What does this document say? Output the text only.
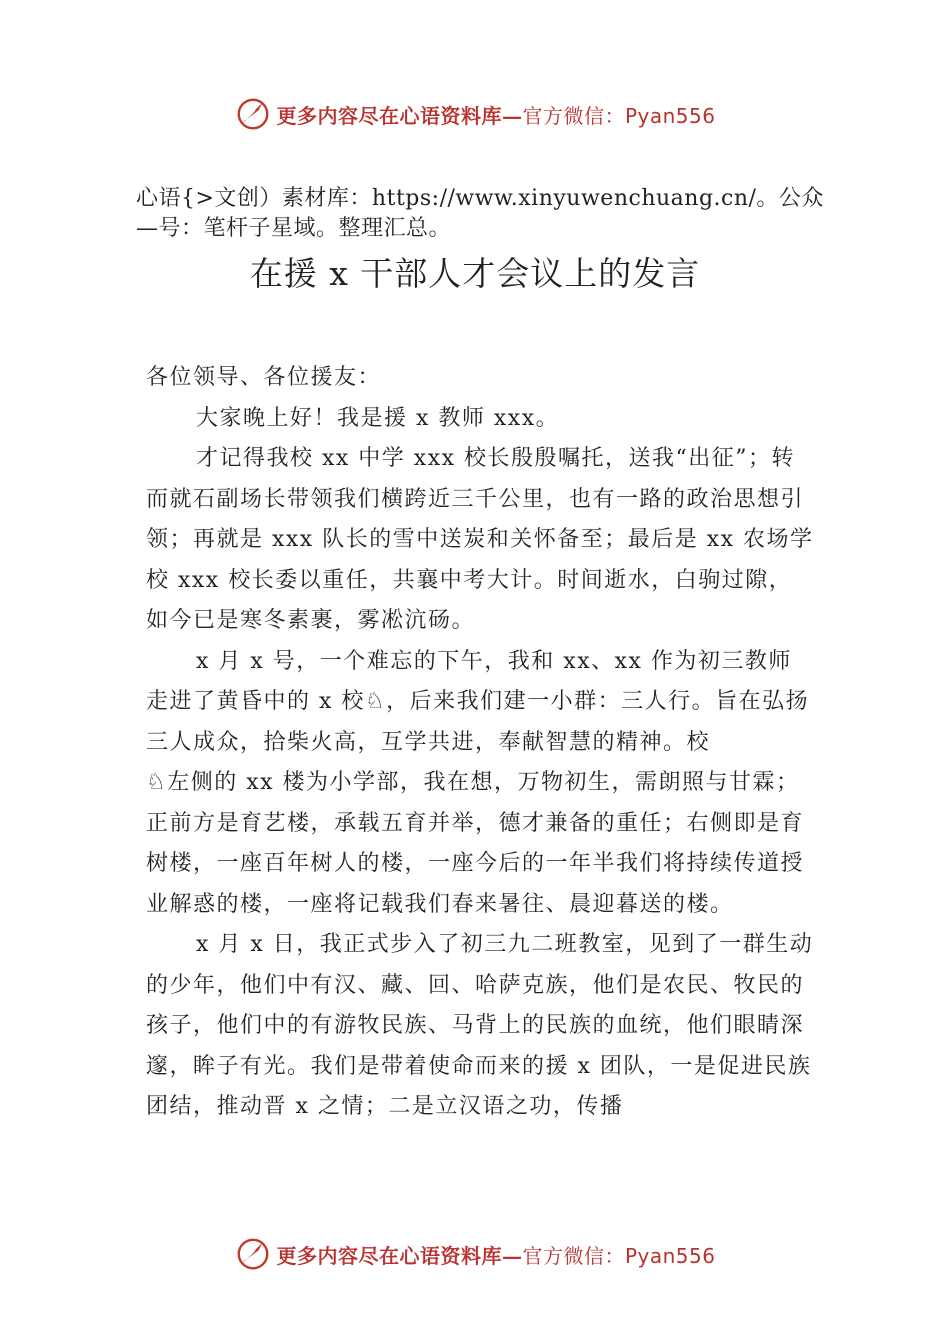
更多内容尽在心语资料库—官方微信：Pyan556
心语{>文创）素材库：https://www.xinyuwenchuang.cn/。公众—号：笔杆子星域。整理汇总。
在援 x 干部人才会议上的发言

各位领导、各位援友：

大家晚上好！我是援 x 教师 xxx。

才记得我校 xx 中学 xxx 校长殷殷嘱托，送我“出征”；转而就石副场长带领我们横跨近三千公里，也有一路的政治思想引领；再就是 xxx 队长的雪中送炭和关怀备至；最后是 xx 农场学校 xxx 校长委以重任，共襄中考大计。时间逝水，白驹过隙，如今已是寒冬素裹，雾凇沆砀。

x 月 x 号，一个难忘的下午，我和 xx、xx 作为初三教师 走进了黄昏中的 x 校♘，后来我们建一小群：三人行。旨在弘扬三人成众，拾柴火高，互学共进，奉献智慧的精神。校

♘左侧的 xx 楼为小学部，我在想，万物初生，需朗照与甘霖；正前方是育艺楼，承载五育并举，德才兼备的重任；右侧即是育树楼，一座百年树人的楼，一座今后的一年半我们将持续传道授业解惑的楼，一座将记载我们春来暑往、晨迎暮送的楼。

x 月 x 日，我正式步入了初三九二班教室，见到了一群生动的少年，他们中有汉、藏、回、哈萨克族，他们是农民、牧民的孩子，他们中的有游牧民族、马背上的民族的血统，他们眼睛深邃，眸子有光。我们是带着使命而来的援 x 团队，一是促进民族团结，推动晋 x 之情；二是立汉语之功，传播

更多内容尽在心语资料库—官方微信：Pyan556
